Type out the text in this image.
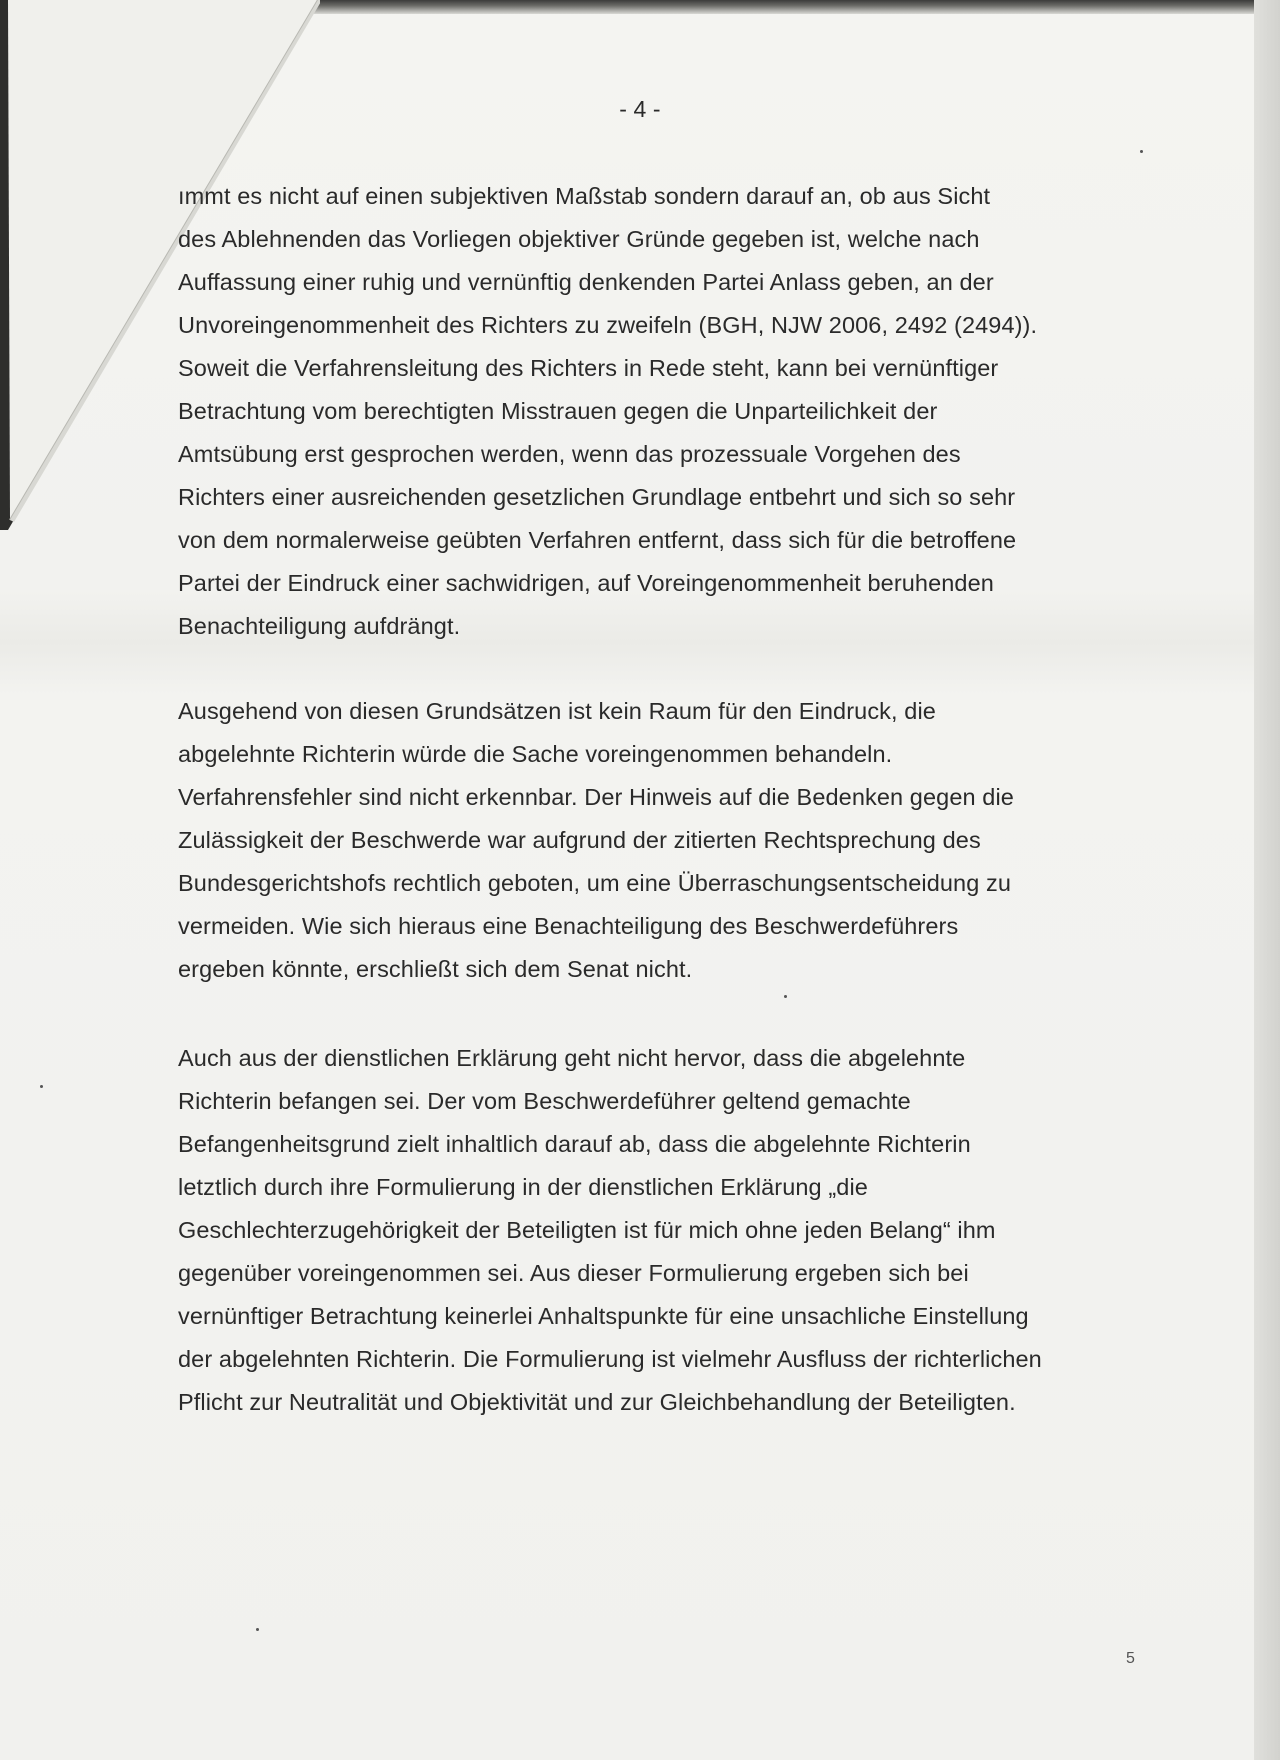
- 4 -
ımmt es nicht auf einen subjektiven Maßstab sondern darauf an, ob aus Sicht
des Ablehnenden das Vorliegen objektiver Gründe gegeben ist, welche nach
Auffassung einer ruhig und vernünftig denkenden Partei Anlass geben, an der
Unvoreingenommenheit des Richters zu zweifeln (BGH, NJW 2006, 2492 (2494)).
Soweit die Verfahrensleitung des Richters in Rede steht, kann bei vernünftiger
Betrachtung vom berechtigten Misstrauen gegen die Unparteilichkeit der
Amtsübung erst gesprochen werden, wenn das prozessuale Vorgehen des
Richters einer ausreichenden gesetzlichen Grundlage entbehrt und sich so sehr
von dem normalerweise geübten Verfahren entfernt, dass sich für die betroffene
Partei der Eindruck einer sachwidrigen, auf Voreingenommenheit beruhenden
Benachteiligung aufdrängt.
Ausgehend von diesen Grundsätzen ist kein Raum für den Eindruck, die
abgelehnte Richterin würde die Sache voreingenommen behandeln.
Verfahrensfehler sind nicht erkennbar. Der Hinweis auf die Bedenken gegen die
Zulässigkeit der Beschwerde war aufgrund der zitierten Rechtsprechung des
Bundesgerichtshofs rechtlich geboten, um eine Überraschungsentscheidung zu
vermeiden. Wie sich hieraus eine Benachteiligung des Beschwerdeführers
ergeben könnte, erschließt sich dem Senat nicht.
Auch aus der dienstlichen Erklärung geht nicht hervor, dass die abgelehnte
Richterin befangen sei. Der vom Beschwerdeführer geltend gemachte
Befangenheitsgrund zielt inhaltlich darauf ab, dass die abgelehnte Richterin
letztlich durch ihre Formulierung in der dienstlichen Erklärung „die
Geschlechterzugehörigkeit der Beteiligten ist für mich ohne jeden Belang“ ihm
gegenüber voreingenommen sei. Aus dieser Formulierung ergeben sich bei
vernünftiger Betrachtung keinerlei Anhaltspunkte für eine unsachliche Einstellung
der abgelehnten Richterin. Die Formulierung ist vielmehr Ausfluss der richterlichen
Pflicht zur Neutralität und Objektivität und zur Gleichbehandlung der Beteiligten.
5
